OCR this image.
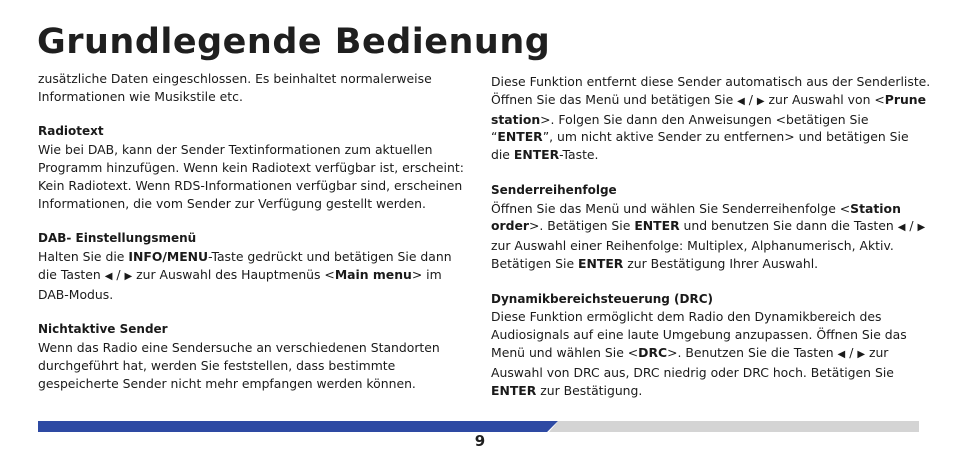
Grundlegende Bedienung

zusätzliche Daten eingeschlossen. Es beinhaltet normalerweise Informationen wie Musikstile etc.

Radiotext
Wie bei DAB, kann der Sender Textinformationen zum aktuellen Programm hinzufügen. Wenn kein Radiotext verfügbar ist, erscheint: Kein Radiotext. Wenn RDS-Informationen verfügbar sind, erscheinen Informationen, die vom Sender zur Verfügung gestellt werden.
DAB- Einstellungsmenü
Halten Sie die INFO/MENU-Taste gedrückt und betätigen Sie dann die Tasten ◀ / ▶ zur Auswahl des Hauptmenüs <Main menu> im DAB-Modus.
Nichtaktive Sender
Wenn das Radio eine Sendersuche an verschiedenen Standorten durchgeführt hat, werden Sie feststellen, dass bestimmte gespeicherte Sender nicht mehr empfangen werden können.
Diese Funktion entfernt diese Sender automatisch aus der Senderliste. Öffnen Sie das Menü und betätigen Sie ◀ / ▶ zur Auswahl von <Prune station>. Folgen Sie dann den Anweisungen <betätigen Sie “ENTER”, um nicht aktive Sender zu entfernen> und betätigen Sie die ENTER-Taste.
Senderreihenfolge
Öffnen Sie das Menü und wählen Sie Senderreihenfolge <Station order>. Betätigen Sie ENTER und benutzen Sie dann die Tasten ◀ / ▶ zur Auswahl einer Reihenfolge: Multiplex, Alphanumerisch, Aktiv. Betätigen Sie ENTER zur Bestätigung Ihrer Auswahl.
Dynamikbereichsteuerung (DRC)
Diese Funktion ermöglicht dem Radio den Dynamikbereich des Audiosignals auf eine laute Umgebung anzupassen. Öffnen Sie das Menü und wählen Sie <DRC>. Benutzen Sie die Tasten ◀ / ▶ zur Auswahl von DRC aus, DRC niedrig oder DRC hoch. Betätigen Sie ENTER zur Bestätigung.
9
